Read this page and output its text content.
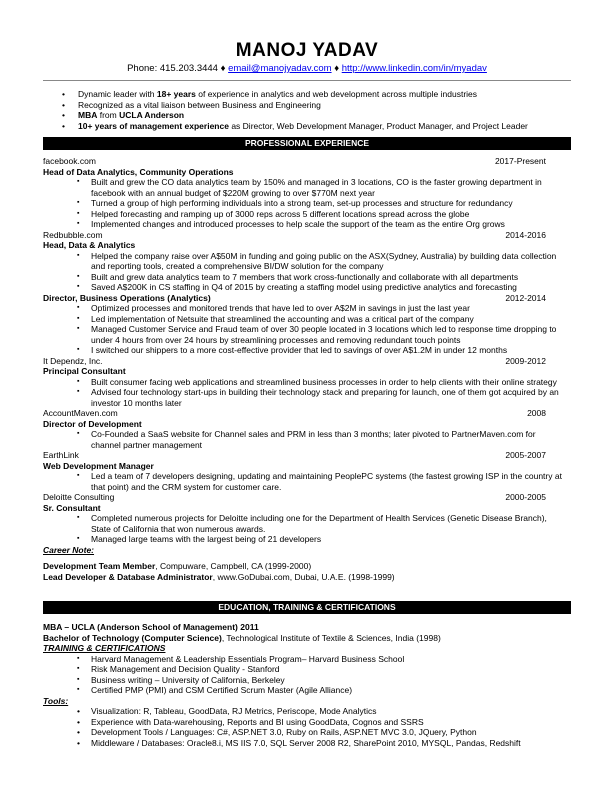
MANOJ YADAV
Phone: 415.203.3444 ♦ email@manojyadav.com ♦ http://www.linkedin.com/in/myadav
• Dynamic leader with 18+ years of experience in analytics and web development across multiple industries
• Recognized as a vital liaison between Business and Engineering
• MBA from UCLA Anderson
• 10+ years of management experience as Director, Web Development Manager, Product Manager, and Project Leader
PROFESSIONAL EXPERIENCE
facebook.com	2017-Present
Head of Data Analytics, Community Operations
▪ Built and grew the CO data analytics team by 150% and managed in 3 locations, CO is the faster growing department in facebook with an annual budget of $220M growing to over $770M next year
▪ Turned a group of high performing individuals into a strong team, set-up processes and structure for redundancy
▪ Helped forecasting and ramping up of 3000 reps across 5 different locations spread across the globe
▪ Implemented changes and introduced processes to help scale the support of the team as the entire Org grows
Redbubble.com	2014-2016
Head, Data & Analytics
▪ Helped the company raise over A$50M in funding and going public on the ASX(Sydney, Australia) by building data collection and reporting tools, created a comprehensive BI/DW solution for the company
▪ Built and grew data analytics team to 7 members that work cross-functionally and collaborate with all departments
▪ Saved A$200K in CS staffing in Q4 of 2015 by creating a staffing model using predictive analytics and forecasting
Director, Business Operations (Analytics)	2012-2014
▪ Optimized processes and monitored trends that have led to over A$2M in savings in just the last year
▪ Led implementation of Netsuite that streamlined the accounting and was a critical part of the company
▪ Managed Customer Service and Fraud team of over 30 people located in 3 locations which led to response time dropping to under 4 hours from over 24 hours by streamlining processes and removing redundant touch points
▪ I switched our shippers to a more cost-effective provider that led to savings of over A$1.2M in under 12 months
It Dependz, Inc.	2009-2012
Principal Consultant
▪ Built consumer facing web applications and streamlined business processes in order to help clients with their online strategy
▪ Advised four technology start-ups in building their technology stack and preparing for launch, one of them got acquired by an investor 10 months later
AccountMaven.com	2008
Director of Development
▪ Co-Founded a SaaS website for Channel sales and PRM in less than 3 months; later pivoted to PartnerMaven.com for channel partner management
EarthLink	2005-2007
Web Development Manager
▪ Led a team of 7 developers designing, updating and maintaining PeoplePC systems (the fastest growing ISP in the country at that point) and the CRM system for customer care.
Deloitte Consulting	2000-2005
Sr. Consultant
▪ Completed numerous projects for Deloitte including one for the Department of Health Services (Genetic Disease Branch), State of California that won numerous awards.
▪ Managed large teams with the largest being of 21 developers
Career Note:
Development Team Member, Compuware, Campbell, CA (1999-2000)
Lead Developer & Database Administrator, www.GoDubai.com, Dubai, U.A.E. (1998-1999)
EDUCATION, TRAINING & CERTIFICATIONS
MBA – UCLA (Anderson School of Management) 2011
Bachelor of Technology (Computer Science), Technological Institute of Textile & Sciences, India (1998)
TRAINING & CERTIFICATIONS
▪ Harvard Management & Leadership Essentials Program– Harvard Business School
▪ Risk Management and Decision Quality - Stanford
▪ Business writing – University of California, Berkeley
▪ Certified PMP (PMI) and CSM Certified Scrum Master (Agile Alliance)
Tools:
• Visualization: R, Tableau, GoodData, RJ Metrics, Periscope, Mode Analytics
• Experience with Data-warehousing, Reports and BI using GoodData, Cognos and SSRS
• Development Tools / Languages: C#, ASP.NET 3.0, Ruby on Rails, ASP.NET MVC 3.0, JQuery, Python
• Middleware / Databases: Oracle8.i, MS IIS 7.0, SQL Server 2008 R2, SharePoint 2010, MYSQL, Pandas, Redshift
